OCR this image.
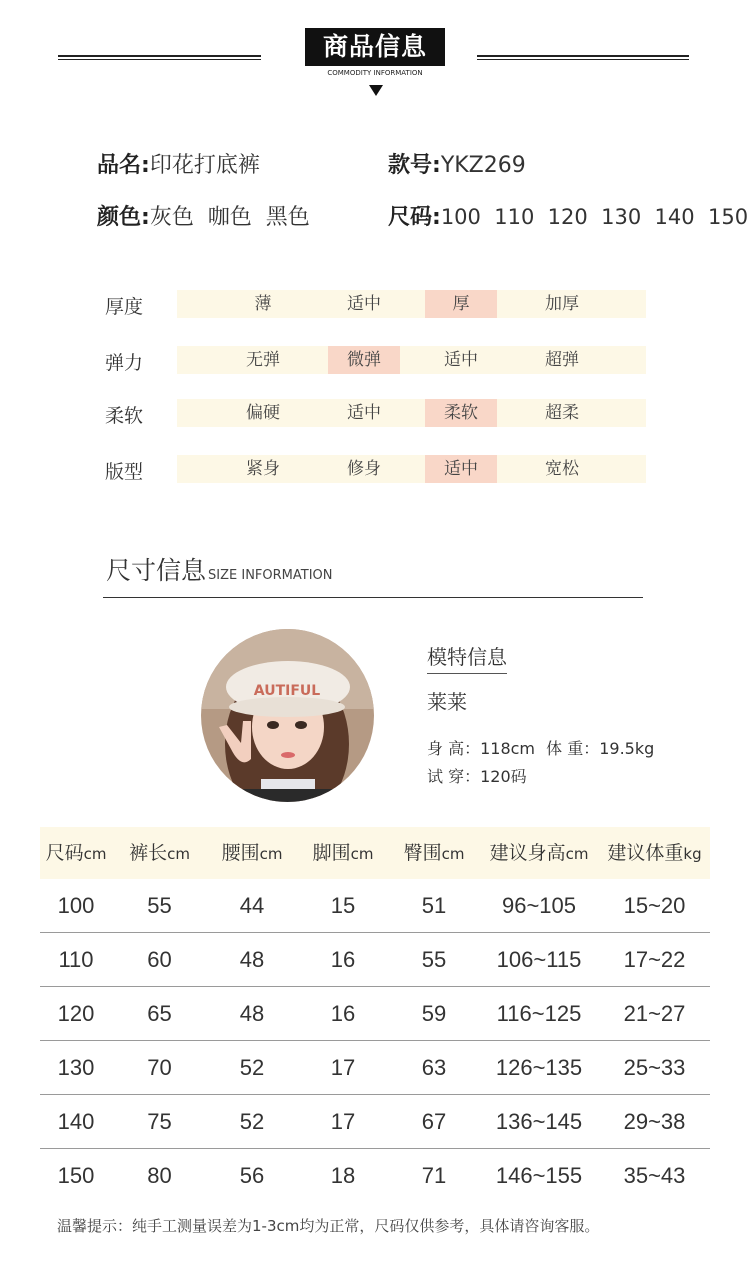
商品信息
COMMODITY INFORMATION
品名:印花打底裤	款号:YKZ269
颜色:灰色  咖色  黑色	尺码:100  110  120  130  140  150
厚度	薄	适中	厚	加厚
弹力	无弹	微弹	适中	超弹
柔软	偏硬	适中	柔软	超柔
版型	紧身	修身	适中	宽松
尺寸信息 SIZE INFORMATION
AUTIFUL
模特信息
莱莱
身 高：118cm 体 重：19.5kg
试 穿：120码
尺码cm	裤长cm	腰围cm	脚围cm	臀围cm	建议身高cm 建议体重kg
100	55	44	15	51	96~105	15~20
110	60	48	16	55	106~115	17~22
120	65	48	16	59	116~125	21~27
130	70	52	17	63	126~135	25~33
140	75	52	17	67	136~145	29~38
150	80	56	18	71	146~155	35~43
温馨提示：纯手工测量误差为1-3cm均为正常，尺码仅供参考，具体请咨询客服。
